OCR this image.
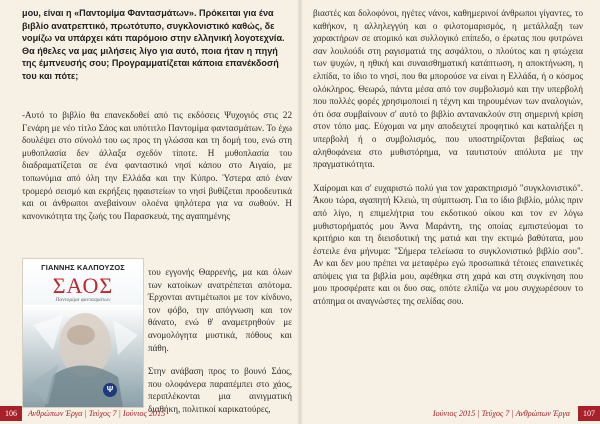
μου, είναι η «Παντομίμα Φαντασμάτων». Πρόκειται για ένα βιβλίο ανατρεπτικό, πρωτότυπο, συγκλονιστικό καθώς, δε νομίζω να υπάρχει κάτι παρόμοιο στην ελληνική λογοτεχνία. Θα ήθελες να μας μιλήσεις λίγο για αυτό, ποια ήταν η πηγή της έμπνευσής σου; Προγραμματίζεται κάποια επανέκδοσή του και πότε;

-Αυτό το βιβλίο θα επανεκδοθεί από τις εκδόσεις Ψυχογιός στις 22 Γενάρη με νέο τίτλο Σάος και υπότιτλο Παντομίμα φαντασμάτων. Το έχω δουλέψει στο σύνολό του ως προς τη γλώσσα και τη δομή του, ενώ στη μυθοπλασία δεν άλλαξα σχεδόν τίποτε. Η μυθοπλασία του διαδραματίζεται σε ένα φανταστικό νησί κάπου στο Αιγαίο, με τοπωνύμια από όλη την Ελλάδα και την Κύπρο. Ύστερα από έναν τρομερό σεισμό και εκρήξεις ηφαιστείων το νησί βυθίζεται προοδευτικά και οι άνθρωποι ανεβαίνουν ολοένα ψηλότερα για να σωθούν. Η κανονικότητα της ζωής του Παρασκευά, της αγαπημένης

ΓΙΑΝΝΗΣ ΚΑΛΠΟΥΖΟΣ
ΣΑΟΣ
Παντομίμα φαντασμάτων
Ψ

του εγγονής Θαρρενής, μα και όλων των κατοίκων ανατρέπεται απότομα. Έρχονται αντιμέτωποι με τον κίνδυνο, τον φόβο, την απόγνωση και τον θάνατο, ενώ θ' αναμετρηθούν με ανομολόγητα μυστικά, πόθους και πάθη.

Στην ανάβαση προς το βουνό Σάος, που ολοφάνερα παραπέμπει στο χάος, περιπλέκονται μια αινιγματική διαθήκη, πολιτικοί καρικατούρες,

106	Ανθρώπων Έργα | Τεύχος 7 | Ιούνιος 2015

βιαστές και δολοφόνοι, ηγέτες νάνοι, καθημερινοί άνθρωποι γίγαντες, το καθήκον, η αλληλεγγύη και ο φιλοτομαρισμός, η μετάλλαξη των χαρακτήρων σε ατομικό και συλλογικό επίπεδο, ο έρωτας που φυτρώνει σαν λουλούδι στη ραγισματιά της ασφάλτου, ο πλούτος και η φτώχεια των ψυχών, η ηθική και συναισθηματική κατάπτωση, η αποκτήνωση, η ελπίδα, το ίδιο το νησί, που θα μπορούσε να είναι η Ελλάδα, ή ο κόσμος ολόκληρος. Θεωρώ, πάντα μέσα από τον συμβολισμό και την υπερβολή που πολλές φορές χρησιμοποιεί η τέχνη και τηρουμένων των αναλογιών, ότι όσα συμβαίνουν σ' αυτό το βιβλίο αντανακλούν στη σημερινή κρίση στον τόπο μας. Εύχομαι να μην αποδειχτεί προφητικό και καταλήξει η υπερβολή ή ο συμβολισμός, που υποστηρίζονται βεβαίως ως αληθοφάνεια στο μυθιστόρημα, να ταυτιστούν απόλυτα με την πραγματικότητα.

Χαίρομαι και σ' ευχαριστώ πολύ για τον χαρακτηρισμό "συγκλονιστικό". Άκου τώρα, αγαπητή Κλειώ, τη σύμπτωση. Για το ίδιο βιβλίο, μόλις πριν από λίγο, η επιμελήτρια του εκδοτικού οίκου και τον εν λόγω μυθιστορήματός μου Άννα Μαράντη, της οποίας εμπιστεύομαι το κριτήριο και τη διεισδυτική της ματιά και την εκτιμώ βαθύτατα, μου έστειλε ένα μήνυμα: "Σήμερα τελείωσα το συγκλονιστικό βιβλίο σου". Αν και δεν μου πρέπει να μεταφέρω εγώ προσωπικά τέτοιες επαινετικές απόψεις για τα βιβλία μου, αφέθηκα στη χαρά και στη συγκίνηση που μου προσφέρατε και οι δυο σας, οπότε ελπίζω να μου συγχωρέσουν το ατόπημα οι αναγνώστες της σελίδας σου.

Ιούνιος 2015 | Τεύχος 7 | Ανθρώπων Έργα	107
